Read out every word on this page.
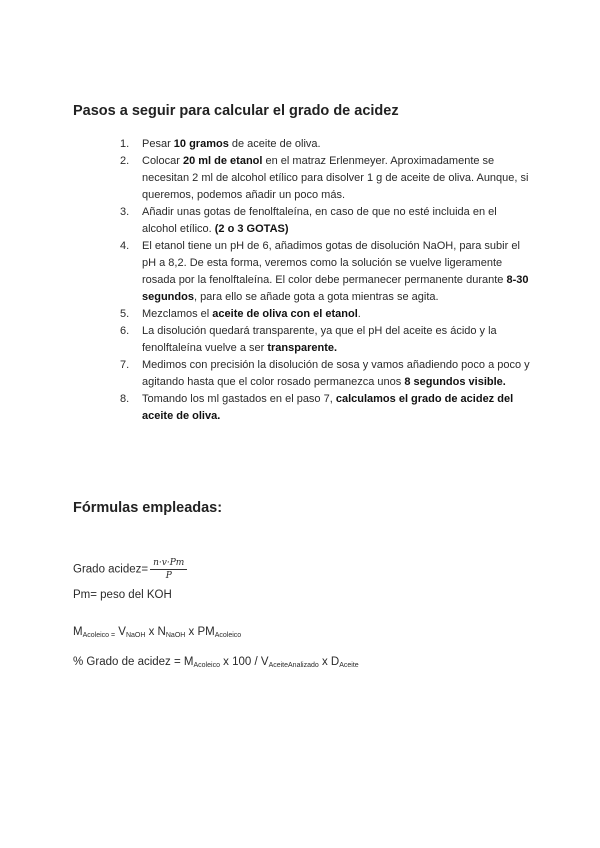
Pasos a seguir para calcular el grado de acidez
1.	Pesar 10 gramos de aceite de oliva.
2.	Colocar 20 ml de etanol en el matraz Erlenmeyer. Aproximadamente se necesitan 2 ml de alcohol etílico para disolver 1 g de aceite de oliva. Aunque, si queremos, podemos añadir un poco más.
3.	Añadir unas gotas de fenolftaleína, en caso de que no esté incluida en el alcohol etílico. (2 o 3 GOTAS)
4.	El etanol tiene un pH de 6, añadimos gotas de disolución NaOH, para subir el pH a 8,2. De esta forma, veremos como la solución se vuelve ligeramente rosada por la fenolftaleína. El color debe permanecer permanente durante 8-30 segundos, para ello se añade gota a gota mientras se agita.
5.	Mezclamos el aceite de oliva con el etanol.
6.	La disolución quedará transparente, ya que el pH del aceite es ácido y la fenolftaleína vuelve a ser transparente.
7.	Medimos con precisión la disolución de sosa y vamos añadiendo poco a poco y agitando hasta que el color rosado permanezca unos 8 segundos visible.
8.	Tomando los ml gastados en el paso 7, calculamos el grado de acidez del aceite de oliva.
Fórmulas empleadas:
Grado acidez= $\frac{n\cdot v\cdot Pm}{P}$
Pm= peso del KOH
$M_{Acoleico =}$ $V_{NaOH}$ x $N_{NaOH}$ x $PM_{Acoleico}$
% Grado de acidez = $M_{Acoleico}$ x $100 / V_{AceiteAnalizado}$ x $D_{Aceite}$
